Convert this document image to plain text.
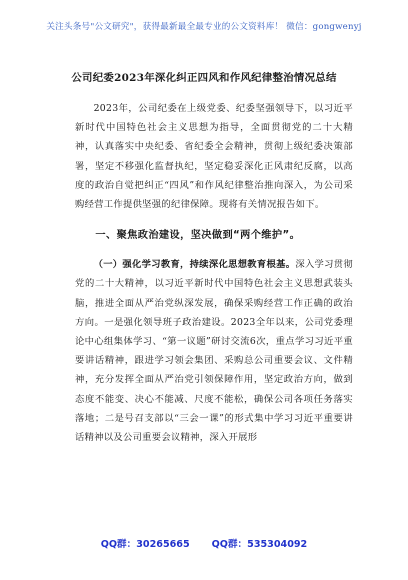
关注头条号"公文研究"，获得最新最全最专业的公文资料库！ 微信：gongwenyj
公司纪委2023年深化纠正四风和作风纪律整治情况总结

2023年，公司纪委在上级党委、纪委坚强领导下，以习近平新时代中国特色社会主义思想为指导，全面贯彻党的二十大精神，认真落实中央纪委、省纪委全会精神，贯彻上级纪委决策部署，坚定不移强化监督执纪，坚定稳妥深化正风肃纪反腐，以高度的政治自觉把纠正“四风”和作风纪律整治推向深入，为公司采购经营工作提供坚强的纪律保障。现将有关情况报告如下。

一、聚焦政治建设，坚决做到“两个维护”。

（一）强化学习教育，持续深化思想教育根基。深入学习贯彻党的二十大精神，以习近平新时代中国特色社会主义思想武装头脑，推进全面从严治党纵深发展，确保采购经营工作正确的政治方向。一是强化领导班子政治建设。2023全年以来，公司党委理论中心组集体学习、“第一议题”研讨交流6次，重点学习习近平重要讲话精神，跟进学习领会集团、采购总公司重要会议、文件精神，充分发挥全面从严治党引领保障作用，坚定政治方向，做到态度不能变、决心不能减、尺度不能松，确保公司各项任务落实落地；二是号召支部以“三会一课”的形式集中学习习近平重要讲话精神以及公司重要会议精神，深入开展形

QQ群：30265665 QQ群：535304092
